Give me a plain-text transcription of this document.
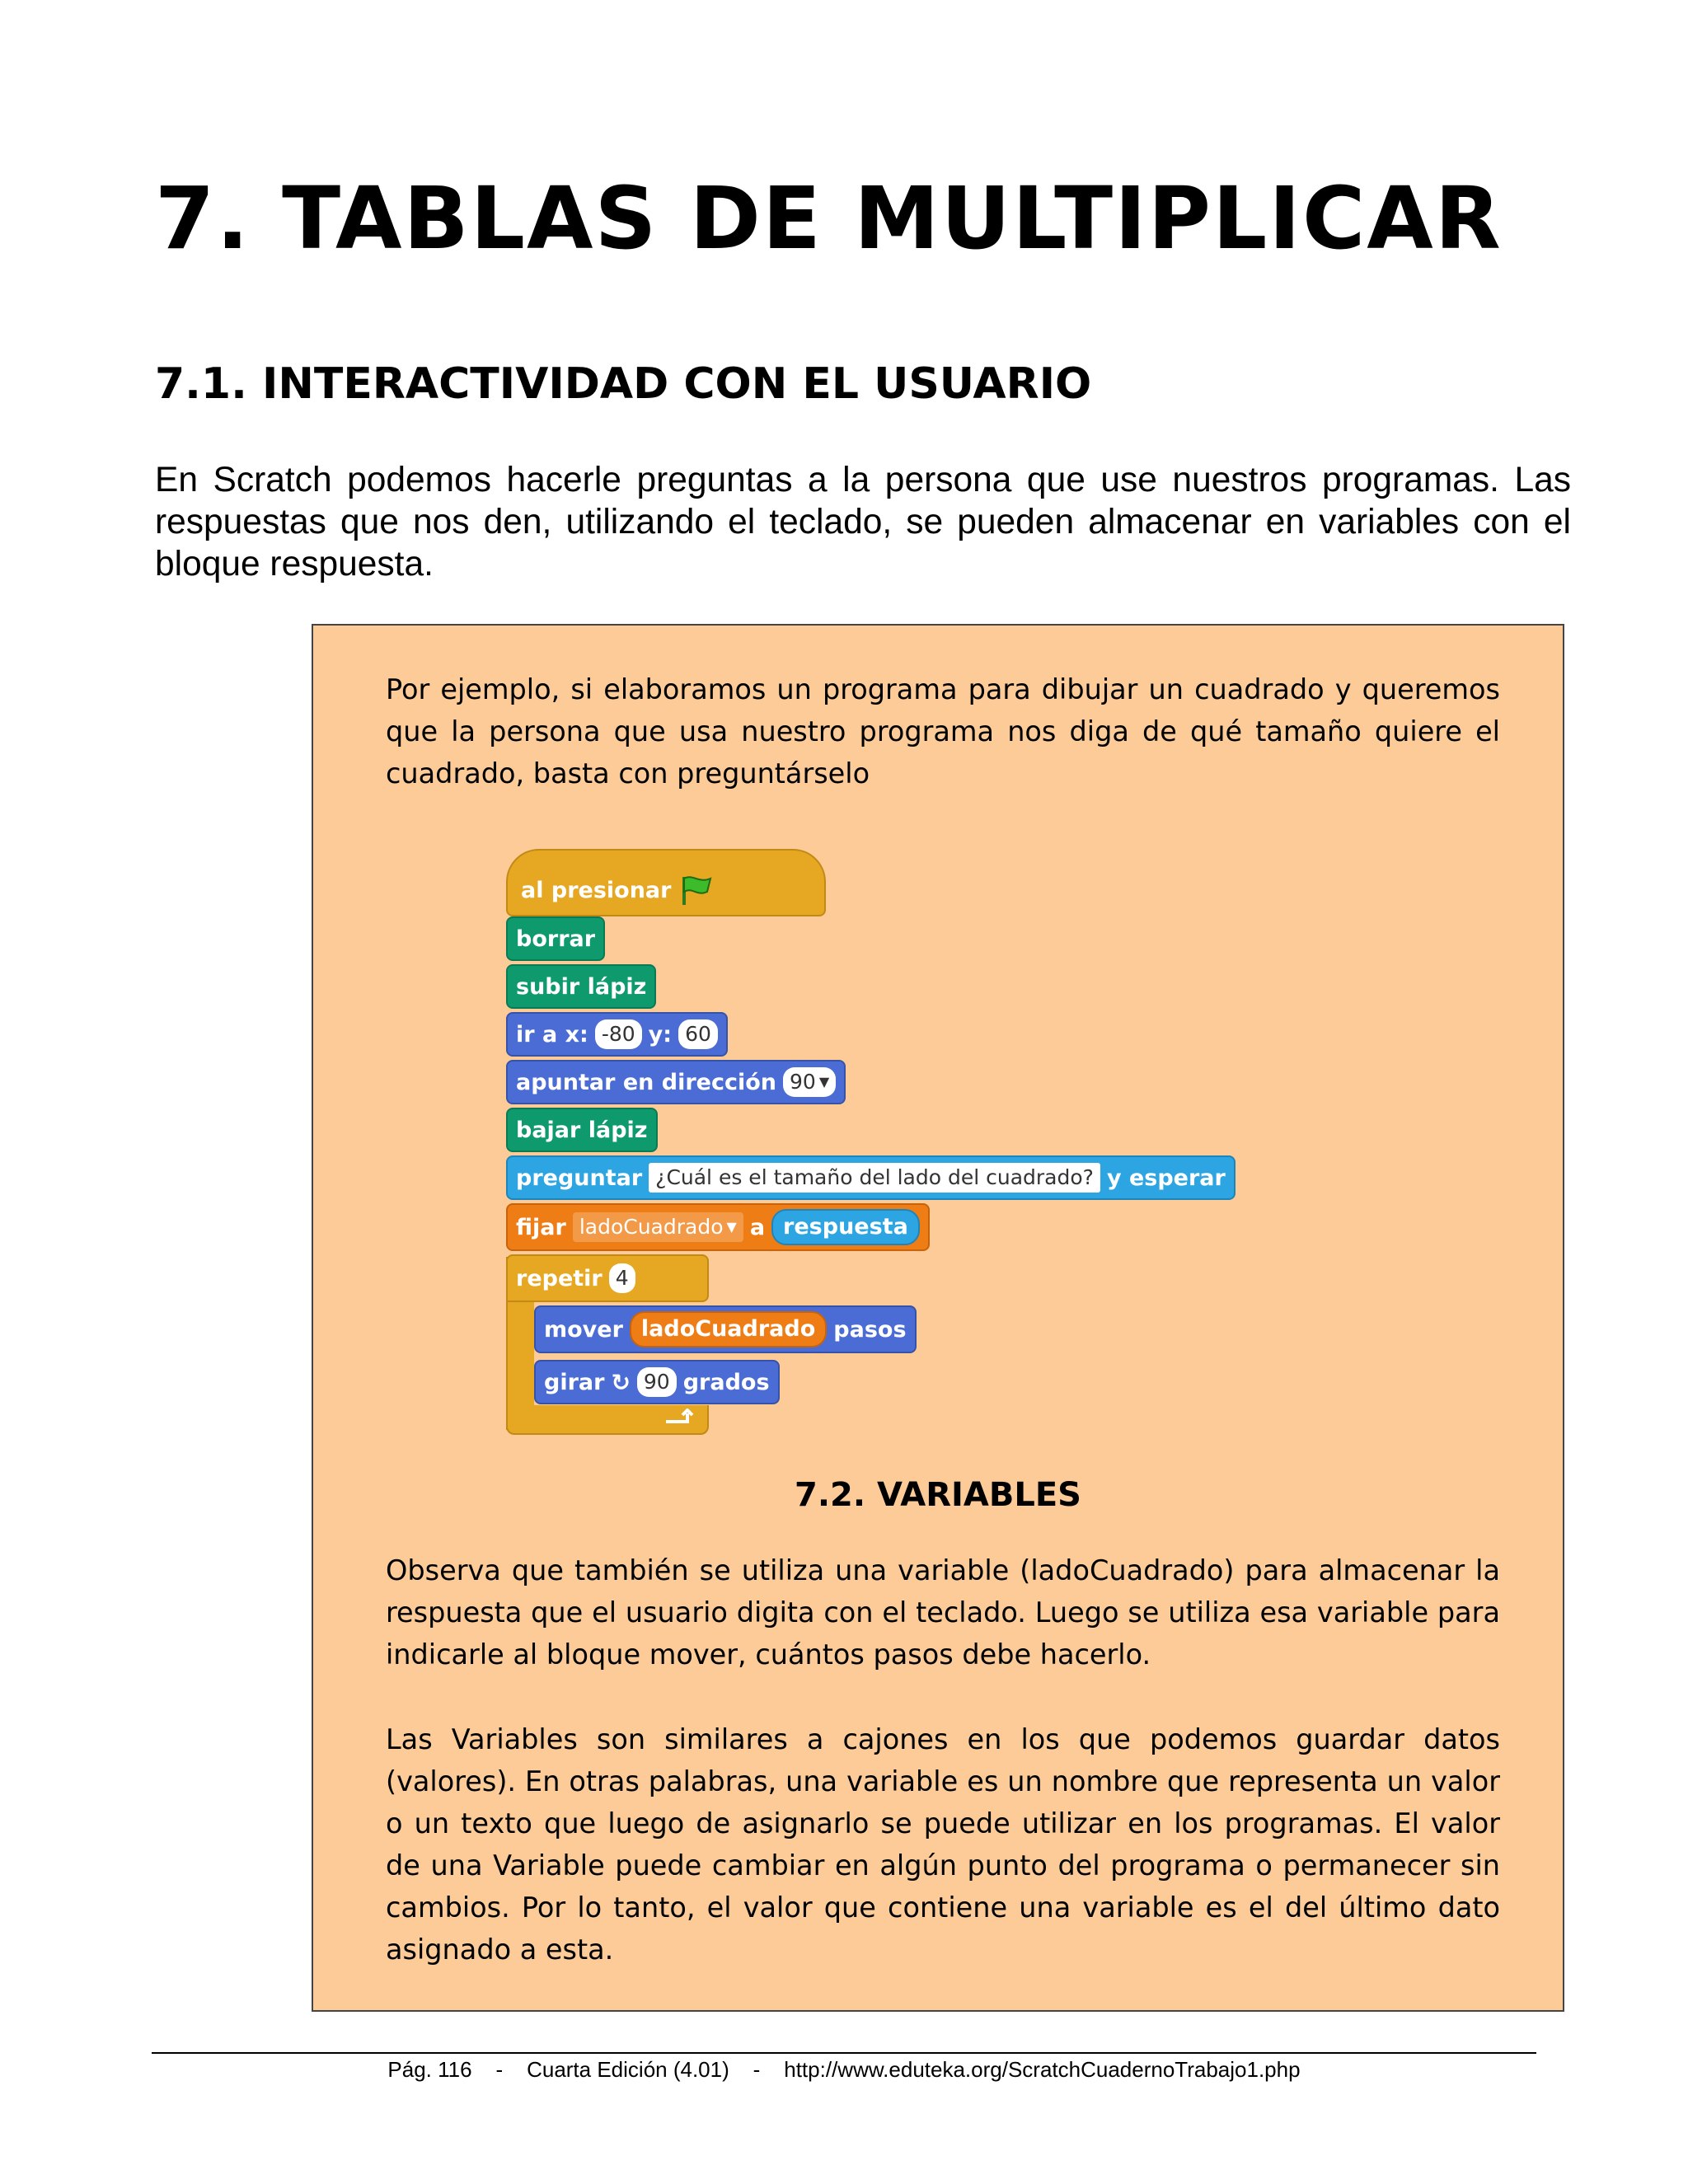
7. TABLAS DE MULTIPLICAR
7.1. INTERACTIVIDAD CON EL USUARIO

En Scratch podemos hacerle preguntas a la persona que use nuestros programas. Las respuestas que nos den, utilizando el teclado, se pueden almacenar en variables con el bloque respuesta.

Por ejemplo, si elaboramos un programa para dibujar un cuadrado y queremos que la persona que usa nuestro programa nos diga de qué tamaño quiere el cuadrado, basta con preguntárselo

al presionar
borrar
subir lápiz
ir a x: -80 y: 60
apuntar en dirección 90 ▼
bajar lápiz
preguntar ¿Cuál es el tamaño del lado del cuadrado? y esperar
fijar ladoCuadrado ▼ a respuesta
repetir 4
mover ladoCuadrado pasos
girar ↻ 90 grados
7.2. VARIABLES

Observa que también se utiliza una variable (ladoCuadrado) para almacenar la respuesta que el usuario digita con el teclado. Luego se utiliza esa variable para indicarle al bloque mover, cuántos pasos debe hacerlo.

Las Variables son similares a cajones en los que podemos guardar datos (valores). En otras palabras, una variable es un nombre que representa un valor o un texto que luego de asignarlo se puede utilizar en los programas. El valor de una Variable puede cambiar en algún punto del programa o permanecer sin cambios. Por lo tanto, el valor que contiene una variable es el del último dato asignado a esta.

Pág. 116 - Cuarta Edición (4.01) - http://www.eduteka.org/ScratchCuadernoTrabajo1.php
